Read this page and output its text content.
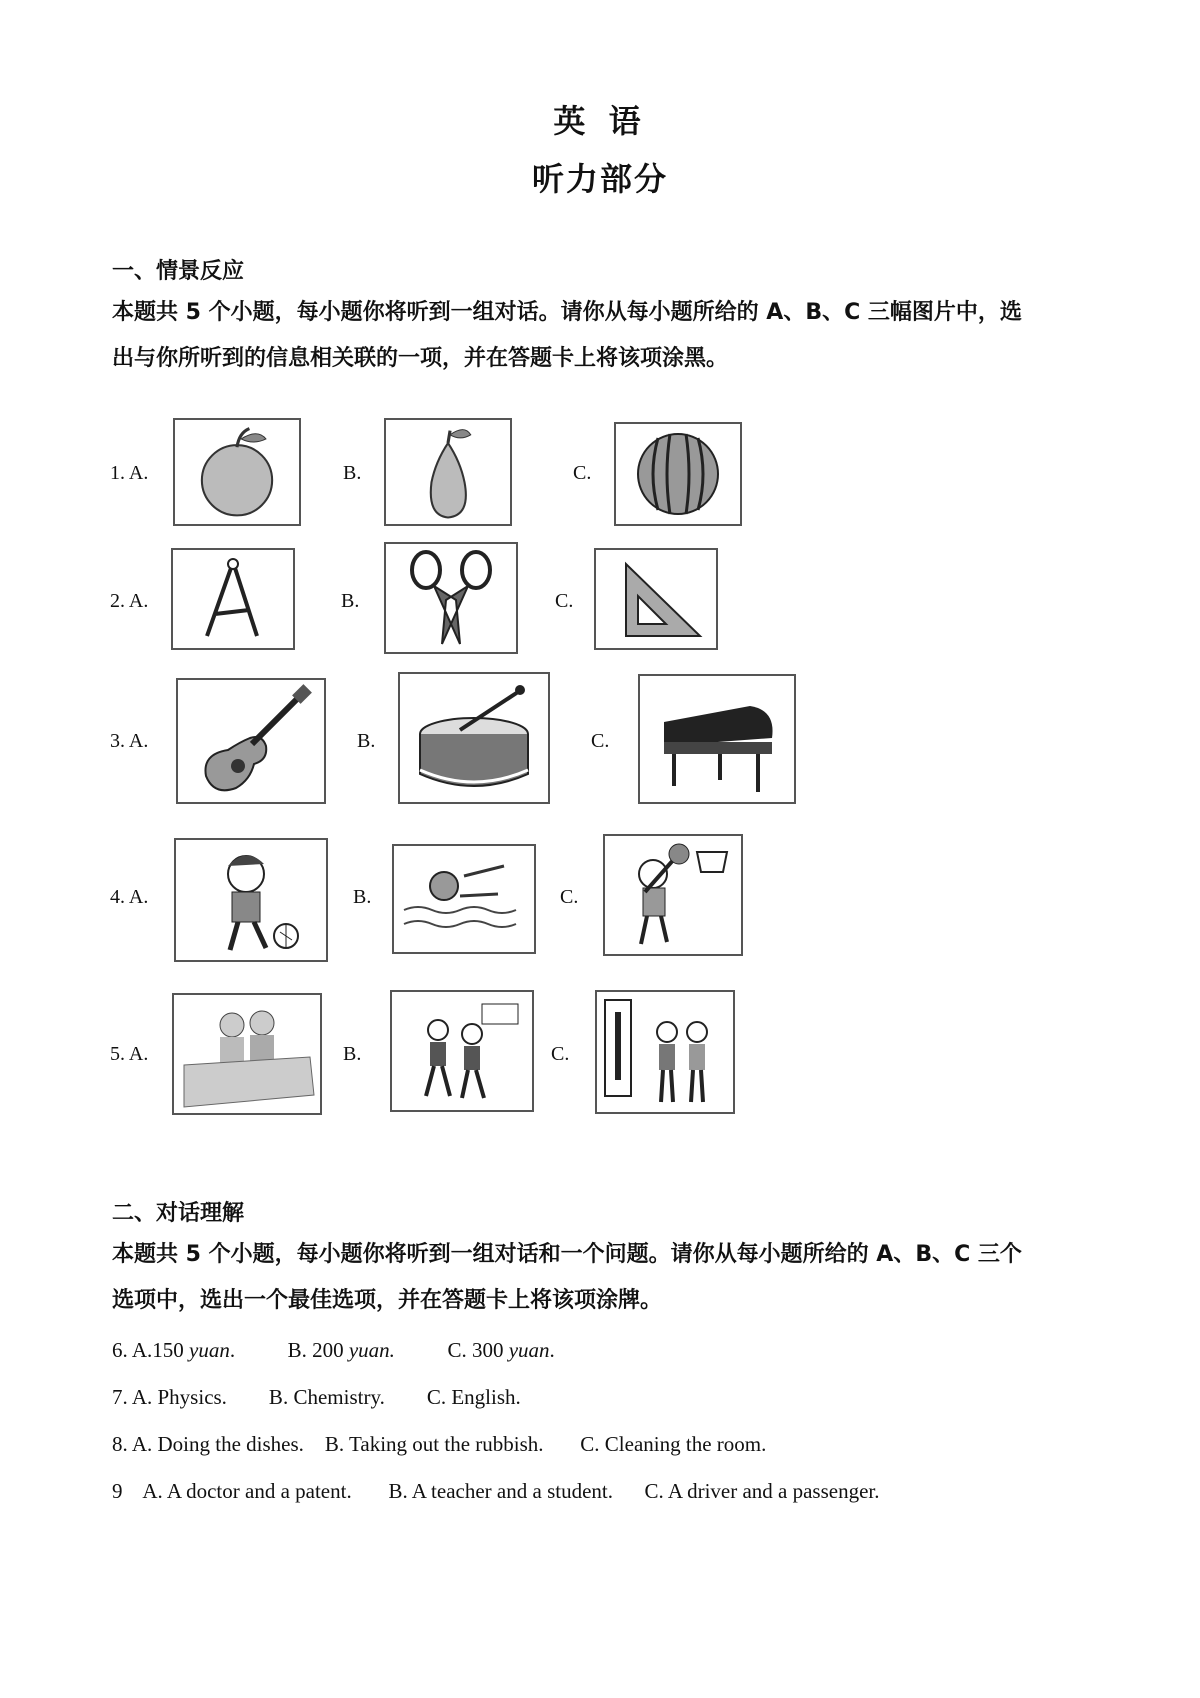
英 语
听力部分
一、情景反应
本题共 5 个小题，每小题你将听到一组对话。请你从每小题所给的 A、B、C 三幅图片中，选
出与你所听到的信息相关联的一项，并在答题卡上将该项涂黑。
1. A.	B.	C.
2. A.	B.	C.
3. A.	B.	C.
4. A.	B.	C.
5. A.	B.	C.
二、对话理解
本题共 5 个小题，每小题你将听到一组对话和一个问题。请你从每小题所给的 A、B、C 三个
选项中，选出一个最佳选项，并在答题卡上将该项涂牌。
6. A.150 yuan.          B. 200 yuan.	C. 300 yuan.
7. A. Physics.        B. Chemistry.        C. English.
8. A. Doing the dishes.    B. Taking out the rubbish.       C. Cleaning the room.
9    A. A doctor and a patent.       B. A teacher and a student.      C. A driver and a passenger.
